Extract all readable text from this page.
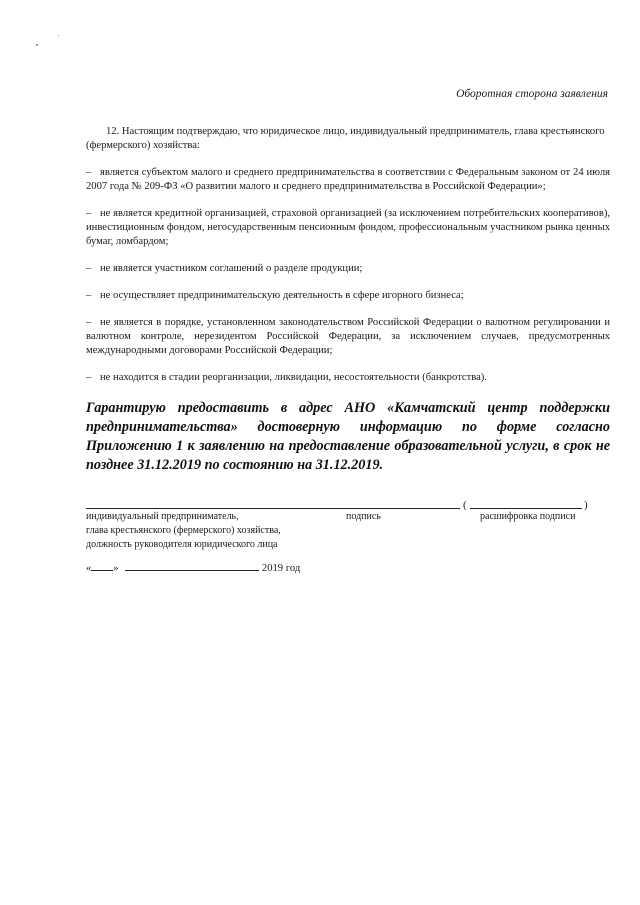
Оборотная сторона заявления

12. Настоящим подтверждаю, что юридическое лицо, индивидуальный предприниматель, глава крестьянского (фермерского) хозяйства:

– является субъектом малого и среднего предпринимательства в соответствии с Федеральным законом от 24 июля 2007 года № 209-ФЗ «О развитии малого и среднего предпринимательства в Российской Федерации»;

– не является кредитной организацией, страховой организацией (за исключением потребительских кооперативов), инвестиционным фондом, негосударственным пенсионным фондом, профессиональным участником рынка ценных бумаг, ломбардом;

– не является участником соглашений о разделе продукции;

– не осуществляет предпринимательскую деятельность в сфере игорного бизнеса;

– не является в порядке, установленном законодательством Российской Федерации о валютном регулировании и валютном контроле, нерезидентом Российской Федерации, за исключением случаев, предусмотренных международными договорами Российской Федерации;

– не находится в стадии реорганизации, ликвидации, несостоятельности (банкротства).

Гарантирую предоставить в адрес АНО «Камчатский центр поддержки предпринимательства» достоверную информацию по форме согласно Приложению 1 к заявлению на предоставление образовательной услуги, в срок не позднее 31.12.2019 по состоянию на 31.12.2019.

(	)
индивидуальный предприниматель,
глава крестьянского (фермерского) хозяйства,
должность руководителя юридического лица
подпись	расшифровка подписи
« »	2019 год
